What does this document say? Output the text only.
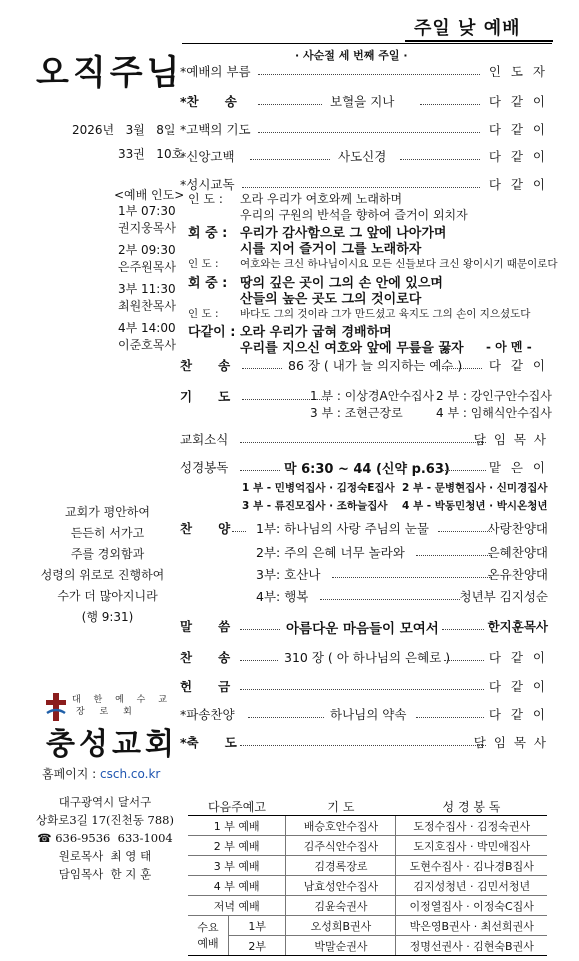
오직주님
2026년   3월   8일
33권   10호
<예배 인도>
1부 07:30
권지웅목사
2부 09:30
은주원목사
3부 11:30
최원찬목사
4부 14:00
이준호목사
교회가 평안하여
든든히 서가고
주를 경외함과
성령의 위로로 진행하여
수가 더 많아지니라
(행 9:31)
대 한 예 수 교
장 로 회
충성교회
홈페이지 : csch.co.kr
대구광역시 달서구
상화로3길 17(진천동 788)
☎ 636-9536  633-1004
원로목사  최 영 태
담임목사  한 지 훈
주일 낮 예배
· 사순절 세 번째 주일 ·
*예배의 부름	인 도 자
*찬      송	보혈을 지나	다 같 이
*고백의 기도	다 같 이
*신앙고백	사도신경	다 같 이
*성시교독	다 같 이
인 도 : 오라 우리가 여호와께 노래하며
우리의 구원의 반석을 향하여 즐거이 외치자
회 중 : 우리가 감사함으로 그 앞에 나아가며
시를 지어 즐거이 그를 노래하자
인 도 : 여호와는 크신 하나님이시요 모든 신들보다 크신 왕이시기 때문이로다
회 중 : 땅의 깊은 곳이 그의 손 안에 있으며
산들의 높은 곳도 그의 것이로다
인 도 : 바다도 그의 것이라 그가 만드셨고 육지도 그의 손이 지으셨도다
다같이 : 오라 우리가 굽혀 경배하며
우리를 지으신 여호와 앞에 무릎을 꿇자 - 아 멘 -
찬      송	86 장 ( 내가 늘 의지하는 예수 ) 다 같 이
기      도	1 부 : 이상경A안수집사 2 부 : 강인구안수집사
3 부 : 조현근장로	4 부 : 임해식안수집사
교회소식	담 임 목 사
성경봉독	막 6:30 ~ 44 (신약 p.63)	맡 은 이
1 부 - 민병억집사 · 김정숙E집사 2 부 - 문병현집사 · 신미경집사
3 부 - 류진모집사 · 조하늘집사 4 부 - 박동민청년 · 박시온청년
찬      양 1부: 하나님의 사랑 주님의 눈물	사랑찬양대
2부: 주의 은혜 너무 놀라와	은혜찬양대
3부: 호산나	온유찬양대
4부: 행복	청년부 김지성순
말      씀	아름다운 마음들이 모여서	한지훈목사
찬      송	310 장 ( 아 하나님의 은혜로 )	다 같 이
헌      금	다 같 이
*파송찬양	하나님의 약속	다 같 이
*축      도	담 임 목 사
다음주예고		기 도	성 경 봉 독
1 부 예배		배승호안수집사	도정수집사 · 김정숙권사
2 부 예배		김주식안수집사	도지호집사 · 박민애집사
3 부 예배		김경록장로	도현수집사 · 김나경B집사
4 부 예배		남효성안수집사	김지성청년 · 김민서청년
저녁 예배		김윤숙권사	이정열집사 · 이정숙C집사

수요
예배	1부	오성희B권사	박은영B권사 · 최선희권사
	2부	박말순권사	정명선권사 · 김현숙B권사
